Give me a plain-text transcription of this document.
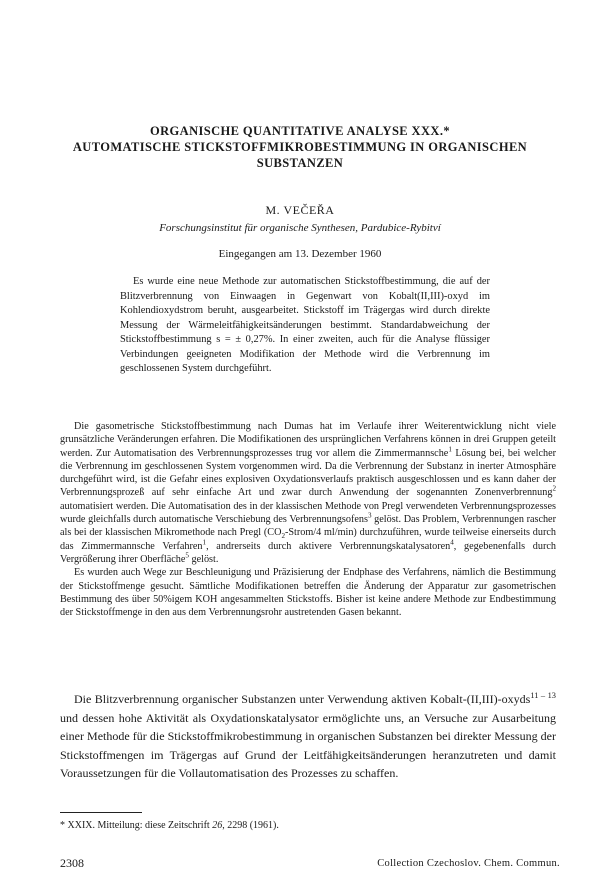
ORGANISCHE QUANTITATIVE ANALYSE XXX.*
AUTOMATISCHE STICKSTOFFMIKROBESTIMMUNG IN ORGANISCHEN
SUBSTANZEN
M. VEČEŘA
Forschungsinstitut für organische Synthesen, Pardubice-Rybitví
Eingegangen am 13. Dezember 1960

Es wurde eine neue Methode zur automatischen Stickstoffbestimmung, die auf der Blitzverbrennung von Einwaagen in Gegenwart von Kobalt(II,III)-oxyd im Kohlendioxydstrom beruht, ausgearbeitet. Stickstoff im Trägergas wird durch direkte Messung der Wärmeleitfähigkeitsänderungen bestimmt. Standardabweichung der Stickstoffbestimmung s = ± 0,27%. In einer zweiten, auch für die Analyse flüssiger Verbindungen geeigneten Modifikation der Methode wird die Verbrennung im geschlossenen System durchgeführt.

Die gasometrische Stickstoffbestimmung nach Dumas hat im Verlaufe ihrer Weiterentwicklung nicht viele grunsätzliche Veränderungen erfahren. Die Modifikationen des ursprünglichen Verfahrens können in drei Gruppen geteilt werden. Zur Automatisation des Verbrennungsprozesses trug vor allem die Zimmermannsche$^1$ Lösung bei, bei welcher die Verbrennung im geschlossenen System vorgenommen wird. Da die Verbrennung der Substanz in inerter Atmosphäre durchgeführt wird, ist die Gefahr eines explosiven Oxydationsverlaufs praktisch ausgeschlossen und es kann daher der Verbrennungsprozeß auf sehr einfache Art und zwar durch Anwendung der sogenannten Zonenverbrennung$^2$ automatisiert werden. Die Automatisation des in der klassischen Methode von Pregl verwendeten Verbrennungsprozesses wurde gleichfalls durch automatische Verschiebung des Verbrennungsofens$^3$ gelöst. Das Problem, Verbrennungen rascher als bei der klassischen Mikromethode nach Pregl ($CO_2-Strom/4$ ml/min) durchzuführen, wurde teilweise einerseits durch das Zimmermannsche Verfahren$^1$, andrerseits durch aktivere Verbrennungskatalysatoren$^4$, gegebenenfalls durch Vergrößerung ihrer Oberfläche$^5$ gelöst.

Es wurden auch Wege zur Beschleunigung und Präzisierung der Endphase des Verfahrens, nämlich die Bestimmung der Stickstoffmenge gesucht. Sämtliche Modifikationen betreffen die Änderung der Apparatur zur gasometrischen Bestimmung des über 50%igem KOH angesammelten Stickstoffs. Bisher ist keine andere Methode zur Endbestimmung der Stickstoffmenge in den aus dem Verbrennungsrohr austretenden Gasen bekannt.

Die Blitzverbrennung organischer Substanzen unter Verwendung aktiven Kobalt-(II,III)-oxyds$^{11 - 13}$ und dessen hohe Aktivität als Oxydationskatalysator ermöglichte uns, an Versuche zur Ausarbeitung einer Methode für die Stickstoffmikrobestimmung in organischen Substanzen bei direkter Messung der Stickstoffmengen im Trägergas auf Grund der Leitfähigkeitsänderungen heranzutreten und damit Voraussetzungen für die Vollautomatisation des Prozesses zu schaffen.

* XXIX. Mitteilung: diese Zeitschrift 26, 2298 (1961).
2308	Collection Czechoslov. Chem. Commun.
